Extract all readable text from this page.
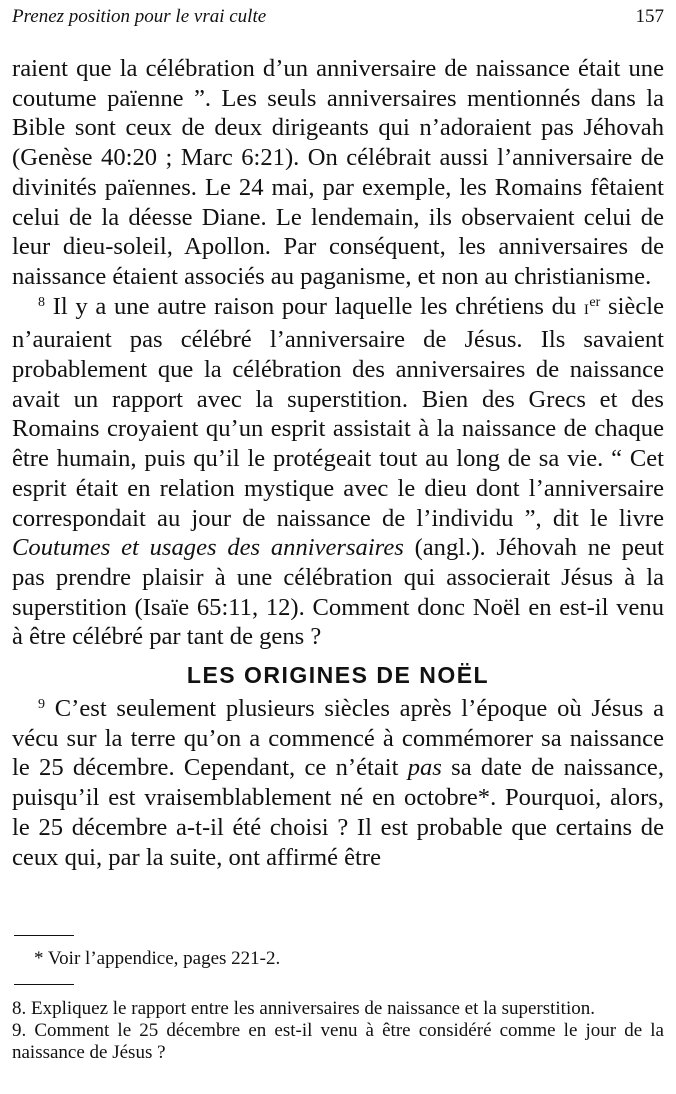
Prenez position pour le vrai culte	157

raient que la célébration d’un anniversaire de naissance était une coutume païenne ”. Les seuls anniversaires mentionnés dans la Bible sont ceux de deux dirigeants qui n’adoraient pas Jéhovah (Genèse 40:20 ; Marc 6:21). On célébrait aussi l’anniversaire de divinités païennes. Le 24 mai, par exemple, les Romains fêtaient celui de la déesse Diane. Le lendemain, ils observaient celui de leur dieu-soleil, Apollon. Par conséquent, les anniversaires de naissance étaient associés au paganisme, et non au christianisme.

$^8$ Il y a une autre raison pour laquelle les chrétiens du Ier siècle n’auraient pas célébré l’anniversaire de Jésus. Ils savaient probablement que la célébration des anniversaires de naissance avait un rapport avec la superstition. Bien des Grecs et des Romains croyaient qu’un esprit assistait à la naissance de chaque être humain, puis qu’il le protégeait tout au long de sa vie. “ Cet esprit était en relation mystique avec le dieu dont l’anniversaire correspondait au jour de naissance de l’individu ”, dit le livre Coutumes et usages des anniversaires (angl.). Jéhovah ne peut pas prendre plaisir à une célébration qui associerait Jésus à la superstition (Isaïe 65:11, 12). Comment donc Noël en est-il venu à être célébré par tant de gens ?

LES ORIGINES DE NOËL

$^9$ C’est seulement plusieurs siècles après l’époque où Jésus a vécu sur la terre qu’on a commencé à commémorer sa naissance le 25 décembre. Cependant, ce n’était pas sa date de naissance, puisqu’il est vraisemblablement né en octobre*. Pourquoi, alors, le 25 décembre a-t-il été choisi ? Il est probable que certains de ceux qui, par la suite, ont affirmé être

* Voir l’appendice, pages 221-2.

8. Expliquez le rapport entre les anniversaires de naissance et la superstition.

9. Comment le 25 décembre en est-il venu à être considéré comme le jour de la naissance de Jésus ?
